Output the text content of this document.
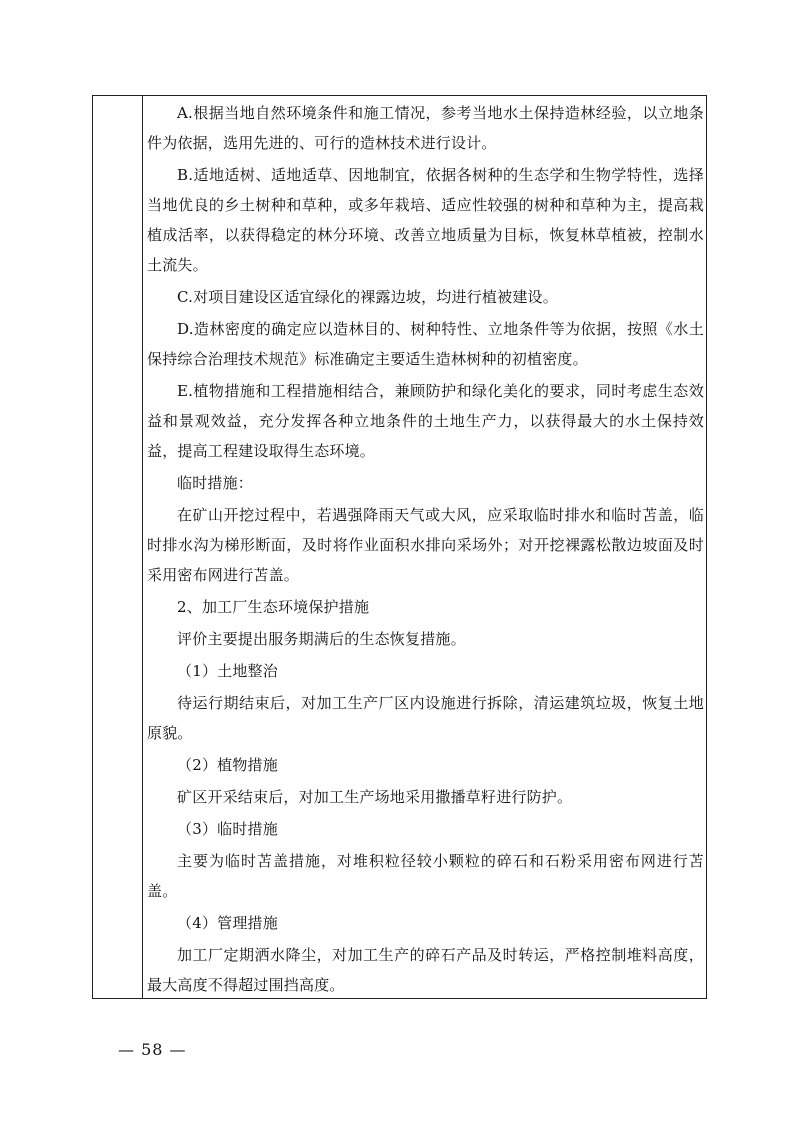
A.根据当地自然环境条件和施工情况，参考当地水土保持造林经验，以立地条件为依据，选用先进的、可行的造林技术进行设计。

B.适地适树、适地适草、因地制宜，依据各树种的生态学和生物学特性，选择当地优良的乡土树种和草种，或多年栽培、适应性较强的树种和草种为主，提高栽植成活率，以获得稳定的林分环境、改善立地质量为目标，恢复林草植被，控制水土流失。

C.对项目建设区适宜绿化的裸露边坡，均进行植被建设。

D.造林密度的确定应以造林目的、树种特性、立地条件等为依据，按照《水土保持综合治理技术规范》标准确定主要适生造林树种的初植密度。

E.植物措施和工程措施相结合，兼顾防护和绿化美化的要求，同时考虑生态效益和景观效益，充分发挥各种立地条件的土地生产力，以获得最大的水土保持效益，提高工程建设取得生态环境。

临时措施：

在矿山开挖过程中，若遇强降雨天气或大风，应采取临时排水和临时苫盖，临时排水沟为梯形断面，及时将作业面积水排向采场外；对开挖裸露松散边坡面及时采用密布网进行苫盖。

2、加工厂生态环境保护措施

评价主要提出服务期满后的生态恢复措施。

（1）土地整治

待运行期结束后，对加工生产厂区内设施进行拆除，清运建筑垃圾，恢复土地原貌。

（2）植物措施

矿区开采结束后，对加工生产场地采用撒播草籽进行防护。

（3）临时措施

主要为临时苫盖措施，对堆积粒径较小颗粒的碎石和石粉采用密布网进行苫盖。

（4）管理措施

加工厂定期洒水降尘，对加工生产的碎石产品及时转运，严格控制堆料高度，最大高度不得超过围挡高度。

— 58 —
